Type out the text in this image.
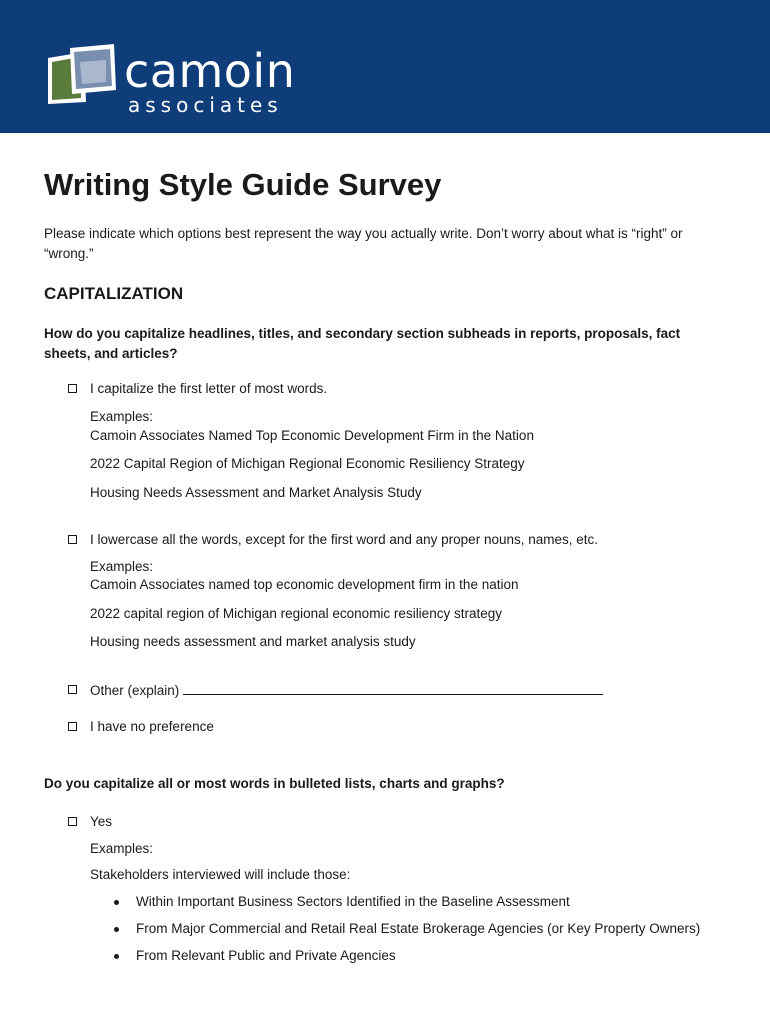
camoin
associates
Writing Style Guide Survey

Please indicate which options best represent the way you actually write. Don’t worry about what is “right” or “wrong.”

CAPITALIZATION

How do you capitalize headlines, titles, and secondary section subheads in reports, proposals, fact sheets, and articles?

I capitalize the first letter of most words.
Examples:
Camoin Associates Named Top Economic Development Firm in the Nation
2022 Capital Region of Michigan Regional Economic Resiliency Strategy
Housing Needs Assessment and Market Analysis Study
I lowercase all the words, except for the first word and any proper nouns, names, etc.
Examples:
Camoin Associates named top economic development firm in the nation
2022 capital region of Michigan regional economic resiliency strategy
Housing needs assessment and market analysis study
Other (explain)
I have no preference

Do you capitalize all or most words in bulleted lists, charts and graphs?

Yes
Examples:
Stakeholders interviewed will include those:
Within Important Business Sectors Identified in the Baseline Assessment
From Major Commercial and Retail Real Estate Brokerage Agencies (or Key Property Owners)
From Relevant Public and Private Agencies
